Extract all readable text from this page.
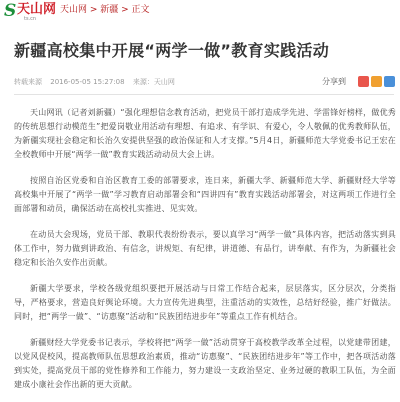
S 天山网
ts.cn
天山网 > 新疆 > 正文
新疆高校集中开展“两学一做”教育实践活动
转载来源 2016-05-05 15:27:08 来源：天山网	分享到

天山网讯（记者刘新疆）“强化理想信念教育活动，把党员干部打造成学先进、学雷锋好榜样，做优秀的传统思想行动模范生”把爱岗敬业用活动有理想、有追求、有学识、有爱心，令人敬佩的优秀教师队伍，为新疆实现社会稳定和长治久安提供坚强的政治保证和人才支撑。”5月4日，新疆师范大学党委书记王宏在全校教师中开展“两学一做”教育实践活动动员大会上讲。

按照自治区党委和自治区教育工委的部署要求，连日来，新疆大学、新疆师范大学、新疆财经大学等高校集中开展了“两学一做”学习教育启动部署会和“四讲四有”教育实践活动部署会，对这两项工作进行全面部署和动员，确保活动在高校扎实推进、见实效。

在动员大会现场，党员干部、教职代表纷纷表示，要以真学习“两学一做”具体内容，把活动落实到具体工作中，努力做到讲政治、有信念，讲规矩、有纪律，讲道德、有品行，讲奉献、有作为，为新疆社会稳定和长治久安作出贡献。

新疆大学要求，学校各级党组织要把开展活动与日常工作结合起来，层层落实，区分层次，分类指导，严格要求，营造良好舆论环境。大力宣传先进典型，注重活动的实效性，总结好经验，推广好做法。同时，把“两学一做”、“访惠聚”活动和“民族团结进步年”等重点工作有机结合。

新疆财经大学党委书记表示，学校将把“两学一做”活动贯穿于高校教学改革全过程，以党建带团建，以党风促校风，提高教师队伍思想政治素质，推动“访惠聚”、“民族团结进步年”等工作中，把各项活动落到实处，提高党员干部的党性修养和工作能力，努力建设一支政治坚定、业务过硬的教职工队伍，为全面建成小康社会作出新的更大贡献。
